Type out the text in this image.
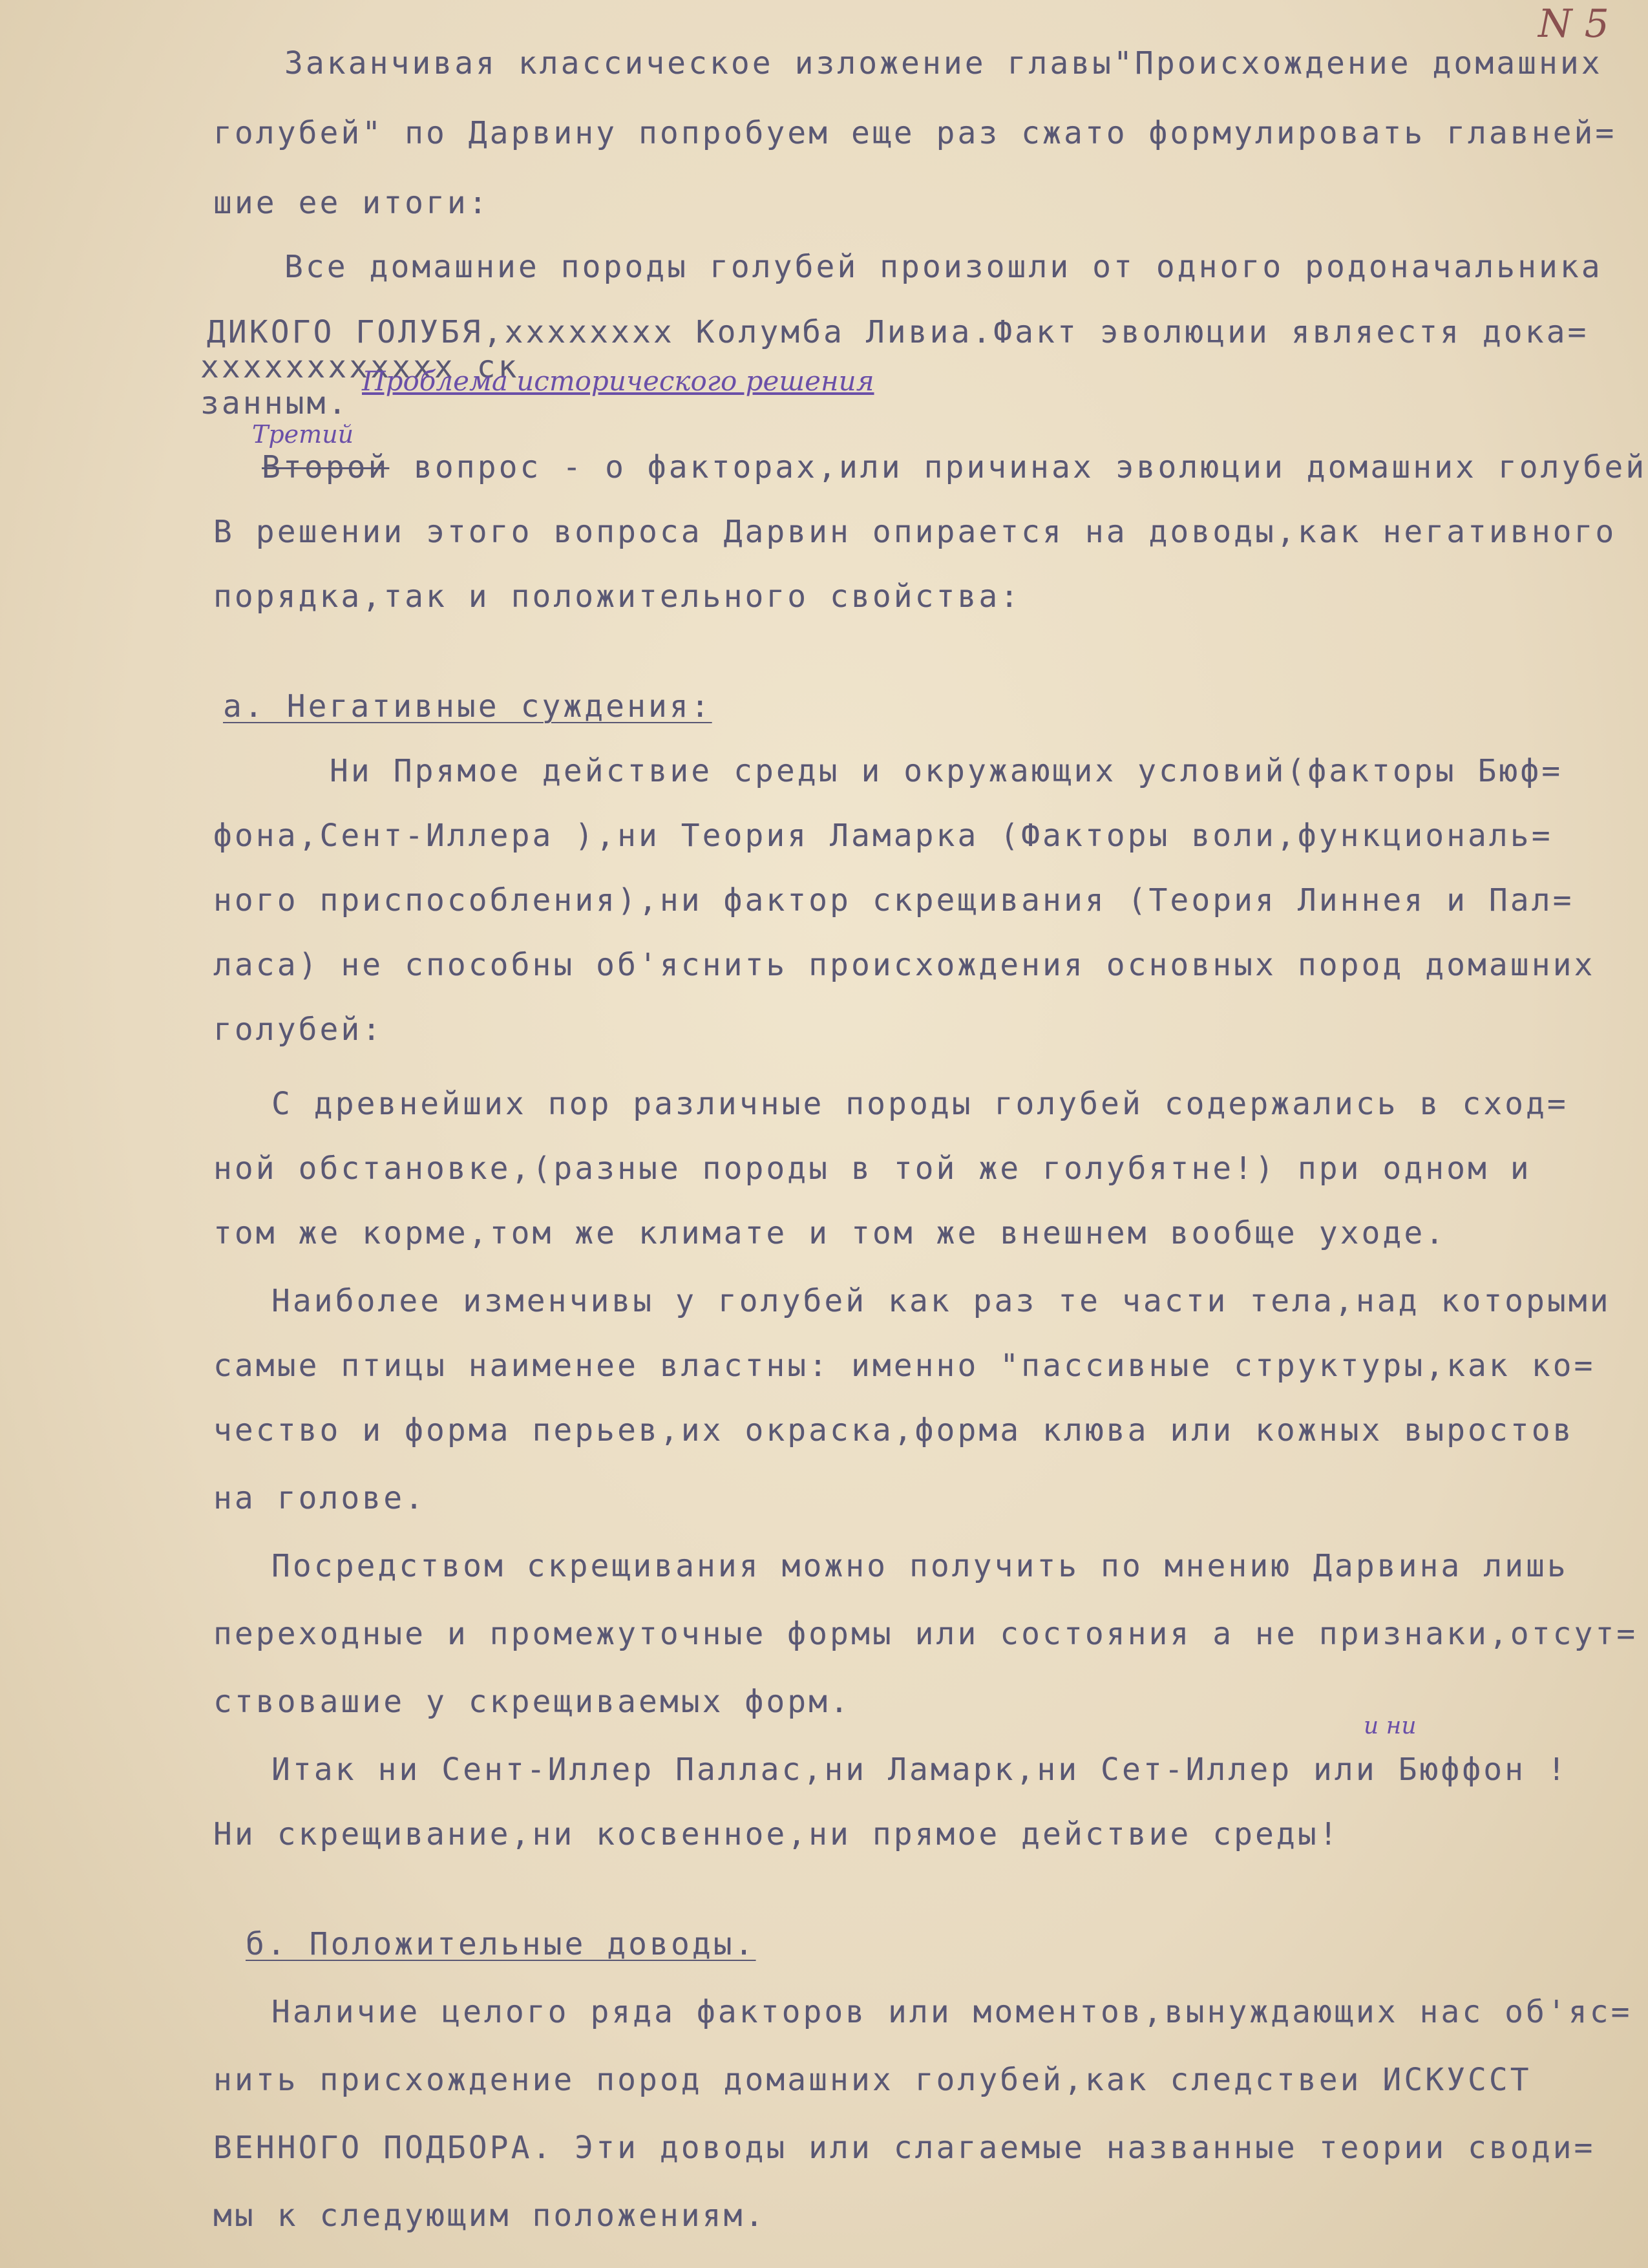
N 5
Заканчивая классическое изложение главы"Происхождение домашних
голубей" по Дарвину попробуем еще раз сжато формулировать главней=
шие ее итоги:
Все домашние породы голубей произошли от одного родоначальника
ДИКОГО ГОЛУБЯ,хххххххх Колумба Ливиа.Факт эволюции являестя дока=
хххххххххххх ск
занным.
Проблема исторического решения
Третий
Второй вопрос - о факторах,или причинах эволюции домашних голубей
В решении этого вопроса Дарвин опирается на доводы,как негативного
порядка,так и положительного свойства:
а. Негативные суждения:
Ни Прямое действие среды и окружающих условий(факторы Бюф=
фона,Сент-Иллера ),ни Теория Ламарка (Факторы воли,функциональ=
ного приспособления),ни фактор скрещивания (Теория Линнея и Пал=
ласа) не способны об'яснить происхождения основных пород домашних
голубей:
С древнейших пор различные породы голубей содержались в сход=
ной обстановке,(разные породы в той же голубятне!) при одном и
том же корме,том же климате и том же внешнем вообще уходе.
Наиболее изменчивы у голубей как раз те части тела,над которыми
самые птицы наименее властны: именно "пассивные структуры,как ко=
чество и форма перьев,их окраска,форма клюва или кожных выростов
на голове.
Посредством скрещивания можно получить по мнению Дарвина лишь
переходные и промежуточные формы или состояния а не признаки,отсут=
ствовашие у скрещиваемых форм.
и ни
Итак ни Сент-Иллер Паллас,ни Ламарк,ни Сет-Иллер или Бюффон !
Ни скрещивание,ни косвенное,ни прямое действие среды!
б. Положительные доводы.
Наличие целого ряда факторов или моментов,вынуждающих нас об'яс=
нить присхождение пород домашних голубей,как следствеи ИСКУССТ
ВЕННОГО ПОДБОРА. Эти доводы или слагаемые названные теории своди=
мы к следующим положениям.
